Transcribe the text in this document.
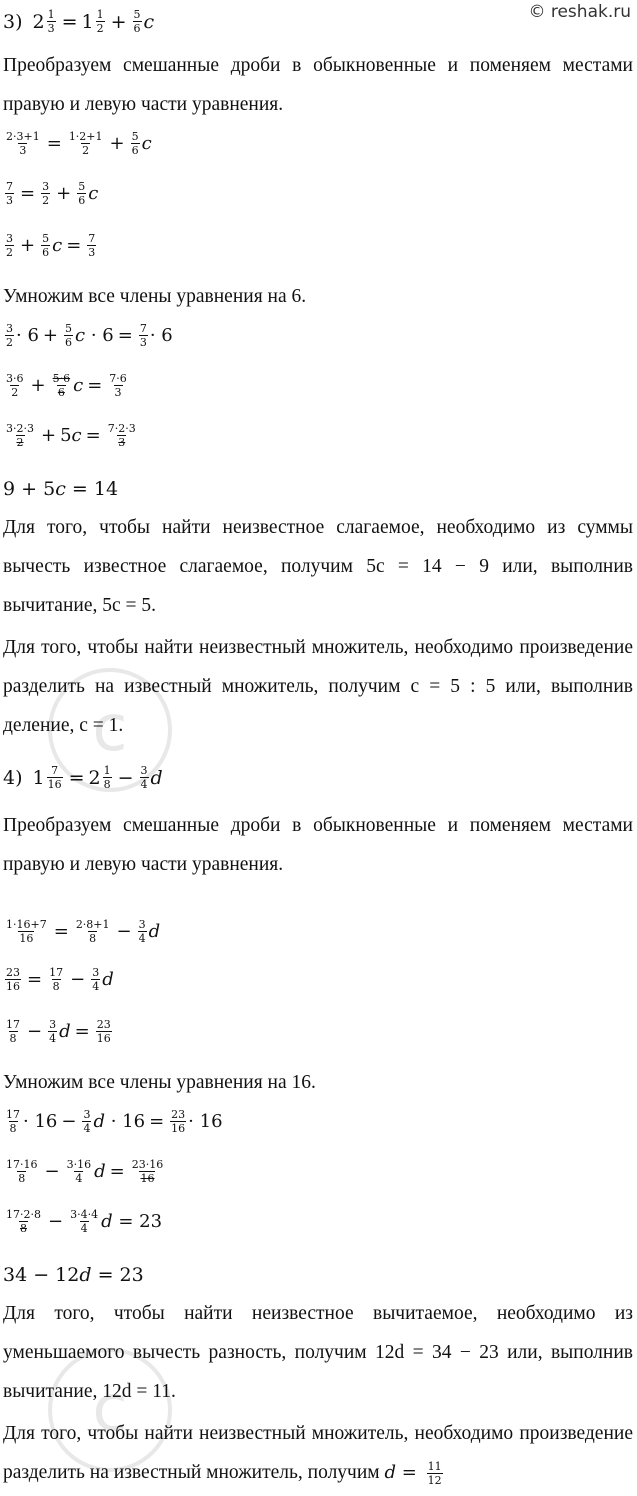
c
c
© reshak.ru
3) $2 \frac{1}{3} = 1 \frac{1}{2} + \frac{5}{6}$ c
Преобразуем смешанные дроби в обыкновенные и поменяем местами правую и левую части уравнения.
$\frac{2\cdot 3+1}{3} = \frac{1\cdot 2+1}{2} + \frac{5}{6}$ c
$\frac{7}{3} = \frac{3}{2} + \frac{5}{6}$ c
$\frac{3}{2} + \frac{5}{6}$ $c = \frac{7}{3}$
Умножим все члены уравнения на 6.
$\frac{3}{2} \cdot 6 + \frac{5}{6}$ c
· $6 = \frac{7}{3} \cdot 6$
$\frac{3\cdot 6}{2} + \frac{5\cdot 6}{6}$ $c = \frac{7\cdot 6}{3}$
$\frac{3\cdot 2\cdot 3}{2} + 5$ $c = \frac{7\cdot 2\cdot 3}{3}$
9 + 5 c
= 14
Для того, чтобы найти неизвестное слагаемое, необходимо из суммы вычесть известное слагаемое, получим 5c = 14 − 9 или, выполнив вычитание, 5c = 5.
Для того, чтобы найти неизвестный множитель, необходимо произведение разделить на известный множитель, получим c = 5 : 5 или, выполнив деление, c = 1.
4) $1 \frac{7}{16} = 2 \frac{1}{8} - \frac{3}{4}$ d
Преобразуем смешанные дроби в обыкновенные и поменяем местами правую и левую части уравнения.
$\frac{1\cdot 16+7}{16} = \frac{2\cdot 8+1}{8} - \frac{3}{4}$ d
$\frac{23}{16} = \frac{17}{8} - \frac{3}{4}$ d
$\frac{17}{8} - \frac{3}{4}$ $d = \frac{23}{16}$
Умножим все члены уравнения на 16.
$\frac{17}{8} \cdot 16 - \frac{3}{4}$ d
· $16 = \frac{23}{16} \cdot 16$
$\frac{17\cdot 16}{8} - \frac{3\cdot 16}{4}$ $d = \frac{23\cdot 16}{16}$
$\frac{17\cdot 2\cdot 8}{8} - \frac{3\cdot 4\cdot 4}{4}$ d
= 23
34 − 12 d
= 23
Для того, чтобы найти неизвестное вычитаемое, необходимо из уменьшаемого вычесть разность, получим 12d = 34 − 23 или, выполнив вычитание, 12d = 11.
Для того, чтобы найти неизвестный множитель, необходимо произведение разделить на известный множитель, получим $d = \frac{11}{12}$
